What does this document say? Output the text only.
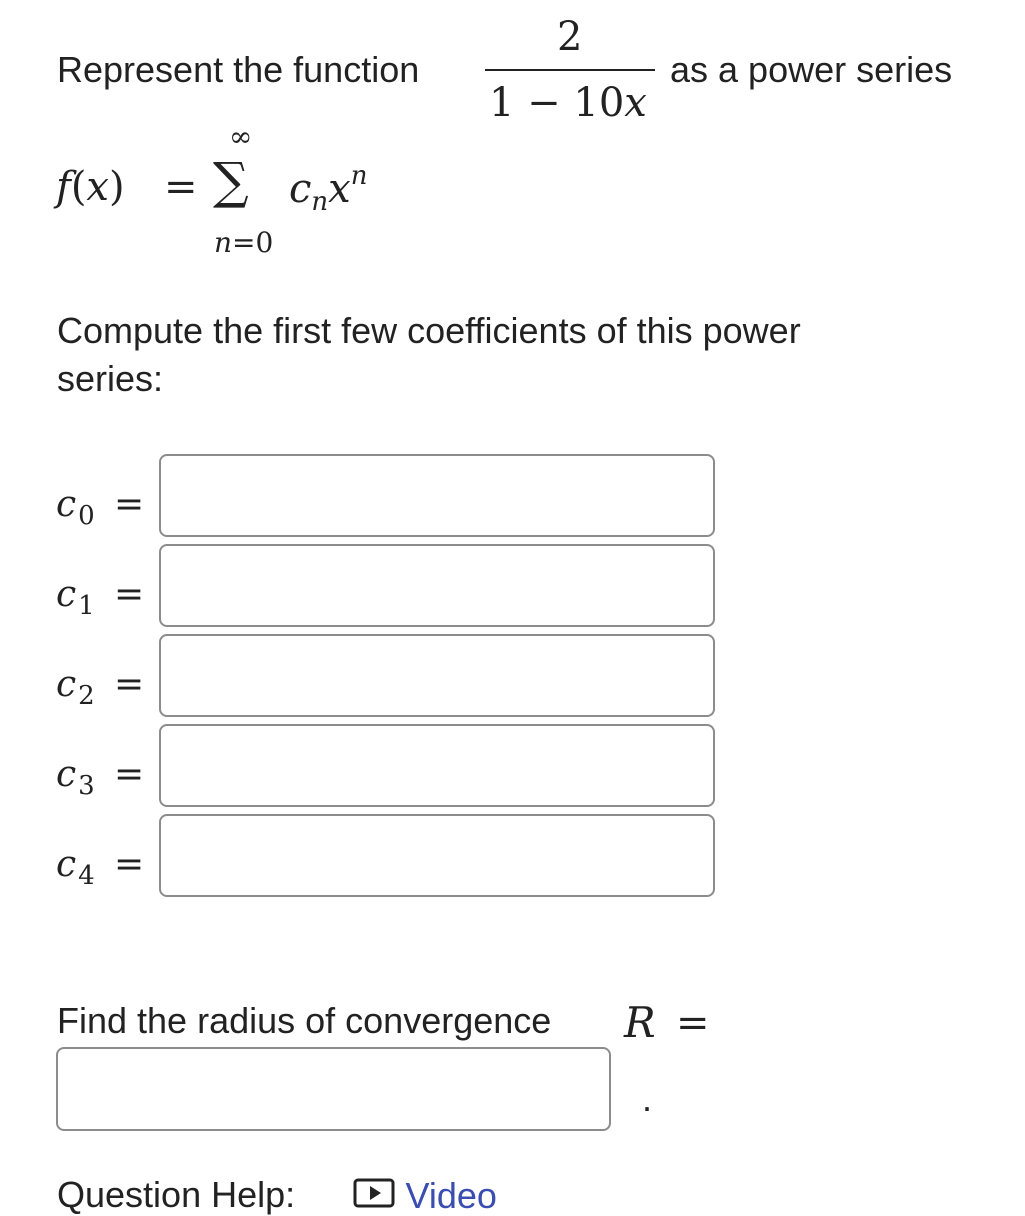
Represent the function
2
1 − 10x
as a power series
f(x) =
∞
∑
n=0
$c_nx^n$
Compute the first few coefficients of this power
series:
$c_0$ =
$c_1$ =
$c_2$ =
$c_3$ =
$c_4$ =
Find the radius of convergence R =
.
Question Help:	Video
